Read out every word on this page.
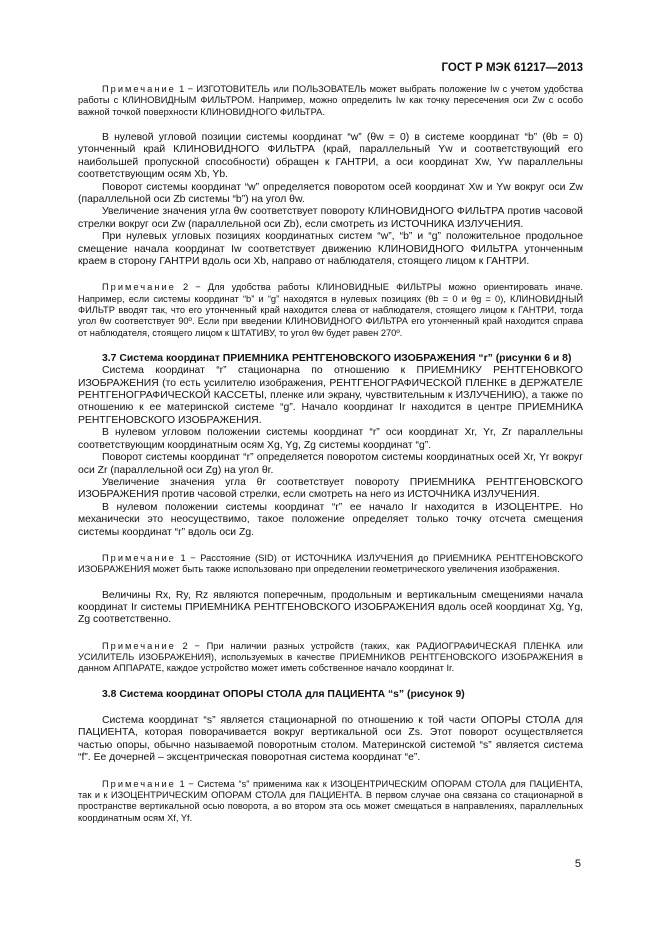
ГОСТ Р МЭК 61217—2013

Примечание 1 − ИЗГОТОВИТЕЛЬ или ПОЛЬЗОВАТЕЛЬ может выбрать положение Iw с учетом удобства работы с КЛИНОВИДНЫМ ФИЛЬТРОМ. Например, можно определить Iw как точку пересечения оси Zw с особо важной точкой поверхности КЛИНОВИДНОГО ФИЛЬТРА.

В нулевой угловой позиции системы координат “w” (θw = 0) в системе координат “b” (θb = 0) утонченный край КЛИНОВИДНОГО ФИЛЬТРА (край, параллельный Yw и соответствующий его наибольшей пропускной способности) обращен к ГАНТРИ, а оси координат Xw, Yw параллельны соответствующим осям Xb, Yb.

Поворот системы координат “w” определяется поворотом осей координат Xw и Yw вокруг оси Zw (параллельной оси Zb системы “b”) на угол θw.

Увеличение значения угла θw соответствует повороту КЛИНОВИДНОГО ФИЛЬТРА против часовой стрелки вокруг оси Zw (параллельной оси Zb), если смотреть из ИСТОЧНИКА ИЗЛУЧЕНИЯ.

При нулевых угловых позициях координатных систем “w”, “b” и “g” положительное продольное смещение начала координат Iw соответствует движению КЛИНОВИДНОГО ФИЛЬТРА утонченным краем в сторону ГАНТРИ вдоль оси Xb, направо от наблюдателя, стоящего лицом к ГАНТРИ.

Примечание 2 − Для удобства работы КЛИНОВИДНЫЕ ФИЛЬТРЫ можно ориентировать иначе. Например, если системы координат “b” и “g” находятся в нулевых позициях (θb = 0 и θg = 0), КЛИНОВИДНЫЙ ФИЛЬТР вводят так, что его утонченный край находится слева от наблюдателя, стоящего лицом к ГАНТРИ, тогда угол θw соответствует 90º. Если при введении КЛИНОВИДНОГО ФИЛЬТРА его утонченный край находится справа от наблюдателя, стоящего лицом к ШТАТИВУ, то угол θw будет равен 270º.

3.7 Система координат ПРИЕМНИКА РЕНТГЕНОВСКОГО ИЗОБРАЖЕНИЯ “r” (рисунки 6 и 8)

Система координат “r” стационарна по отношению к ПРИЕМНИКУ РЕНТГЕНОВКОГО ИЗОБРАЖЕНИЯ (то есть усилителю изображения, РЕНТГЕНОГРАФИЧЕСКОЙ ПЛЕНКЕ в ДЕРЖАТЕЛЕ РЕНТГЕНОГРАФИЧЕСКОЙ КАССЕТЫ, пленке или экрану, чувствительным к ИЗЛУЧЕНИЮ), а также по отношению к ее материнской системе “g”. Начало координат Ir находится в центре ПРИЕМНИКА РЕНТГЕНОВСКОГО ИЗОБРАЖЕНИЯ.

В нулевом угловом положении системы координат “r” оси координат Xr, Yr, Zr параллельны соответствующим координатным осям Xg, Yg, Zg системы координат “g”.

Поворот системы координат “r” определяется поворотом системы координатных осей Xr, Yr вокруг оси Zr (параллельной оси Zg) на угол θr.

Увеличение значения угла θr соответствует повороту ПРИЕМНИКА РЕНТГЕНОВСКОГО ИЗОБРАЖЕНИЯ против часовой стрелки, если смотреть на него из ИСТОЧНИКА ИЗЛУЧЕНИЯ.

В нулевом положении системы координат “r” ее начало Ir находится в ИЗОЦЕНТРЕ. Но механически это неосуществимо, такое положение определяет только точку отсчета смещения системы координат “r” вдоль оси Zg.

Примечание 1 − Расстояние (SID) от ИСТОЧНИКА ИЗЛУЧЕНИЯ до ПРИЕМНИКА РЕНТГЕНОВСКОГО ИЗОБРАЖЕНИЯ может быть также использовано при определении геометрического увеличения изображения.

Величины Rx, Ry, Rz являются поперечным, продольным и вертикальным смещениями начала координат Ir системы ПРИЕМНИКА РЕНТГЕНОВСКОГО ИЗОБРАЖЕНИЯ вдоль осей координат Xg, Yg, Zg соответственно.

Примечание 2 − При наличии разных устройств (таких, как РАДИОГРАФИЧЕСКАЯ ПЛЕНКА или УСИЛИТЕЛЬ ИЗОБРАЖЕНИЯ), используемых в качестве ПРИЕМНИКОВ РЕНТГЕНОВСКОГО ИЗОБРАЖЕНИЯ в данном АППАРАТЕ, каждое устройство может иметь собственное начало координат Ir.

3.8 Система координат ОПОРЫ СТОЛА для ПАЦИЕНТА “s” (рисунок 9)

Система координат “s” является стационарной по отношению к той части ОПОРЫ СТОЛА для ПАЦИЕНТА, которая поворачивается вокруг вертикальной оси Zs. Этот поворот осуществляется частью опоры, обычно называемой поворотным столом. Материнской системой “s” является система “f”. Ее дочерней – эксцентрическая поворотная система координат “e”.

Примечание 1 − Система “s” применима как к ИЗОЦЕНТРИЧЕСКИМ ОПОРАМ СТОЛА для ПАЦИЕНТА, так и к ИЗОЦЕНТРИЧЕСКИМ ОПОРАМ СТОЛА для ПАЦИЕНТА. В первом случае она связана со стационарной в пространстве вертикальной осью поворота, а во втором эта ось может смещаться в направлениях, параллельных координатным осям Xf, Yf.

5
